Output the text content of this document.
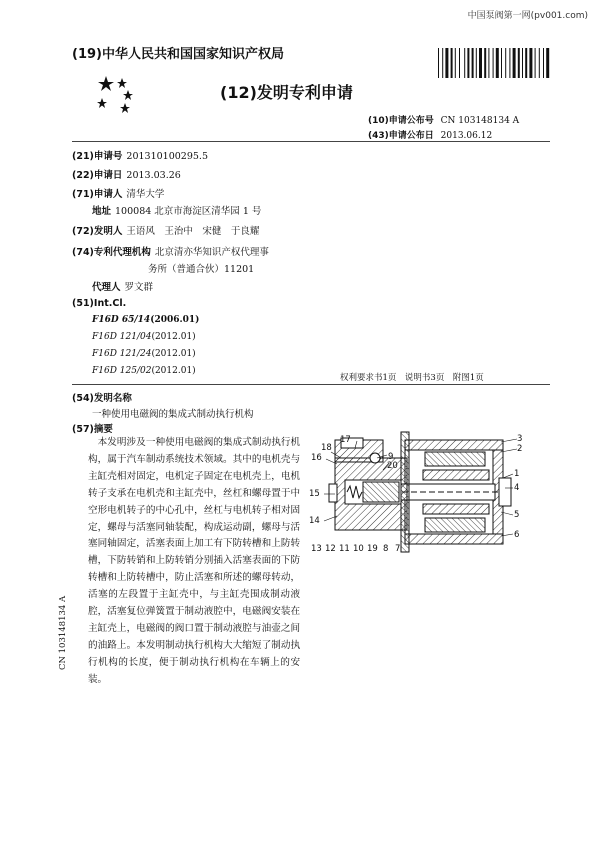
中国泵阀第一网(pv001.com)
(19)中华人民共和国国家知识产权局
(12)发明专利申请
(10)申请公布号 CN 103148134 A
(43)申请公布日 2013.06.12
(21)申请号 201310100295.5
(22)申请日 2013.03.26
(71)申请人 清华大学
地址 100084 北京市海淀区清华园 1 号
(72)发明人 王语风　王治中　宋健　于良耀
(74)专利代理机构 北京清亦华知识产权代理事
务所（普通合伙）11201
代理人 罗文群
(51)Int.Cl.
F16D 65/14(2006.01)
F16D 121/04(2012.01)
F16D 121/24(2012.01)
F16D 125/02(2012.01)
权利要求书1页　说明书3页　附图1页
(54)发明名称
一种使用电磁阀的集成式制动执行机构
(57)摘要
本发明涉及一种使用电磁阀的集成式制动执行机构，属于汽车制动系统技术领域。其中的电机壳与主缸壳相对固定，电机定子固定在电机壳上，电机转子支承在电机壳和主缸壳中，丝杠和螺母置于中空形电机转子的中心孔中，丝杠与电机转子相对固定，螺母与活塞同轴装配，构成运动副，螺母与活塞同轴固定，活塞表面上加工有下防转槽和上防转槽，下防转销和上防转销分别插入活塞表面的下防转槽和上防转槽中，防止活塞和所述的螺母转动，活塞的左段置于主缸壳中，与主缸壳围成制动液腔，活塞复位弹簧置于制动液腔中，电磁阀安装在主缸壳上，电磁阀的阀口置于制动液腔与油壶之间的油路上。本发明制动执行机构大大缩短了制动执行机构的长度，便于制动执行机构在车辆上的安装。
CN 103148134 A
18
17
9
20
3
2
1
4
5
6
16
15
14
13 12 11 10 19 8 7
